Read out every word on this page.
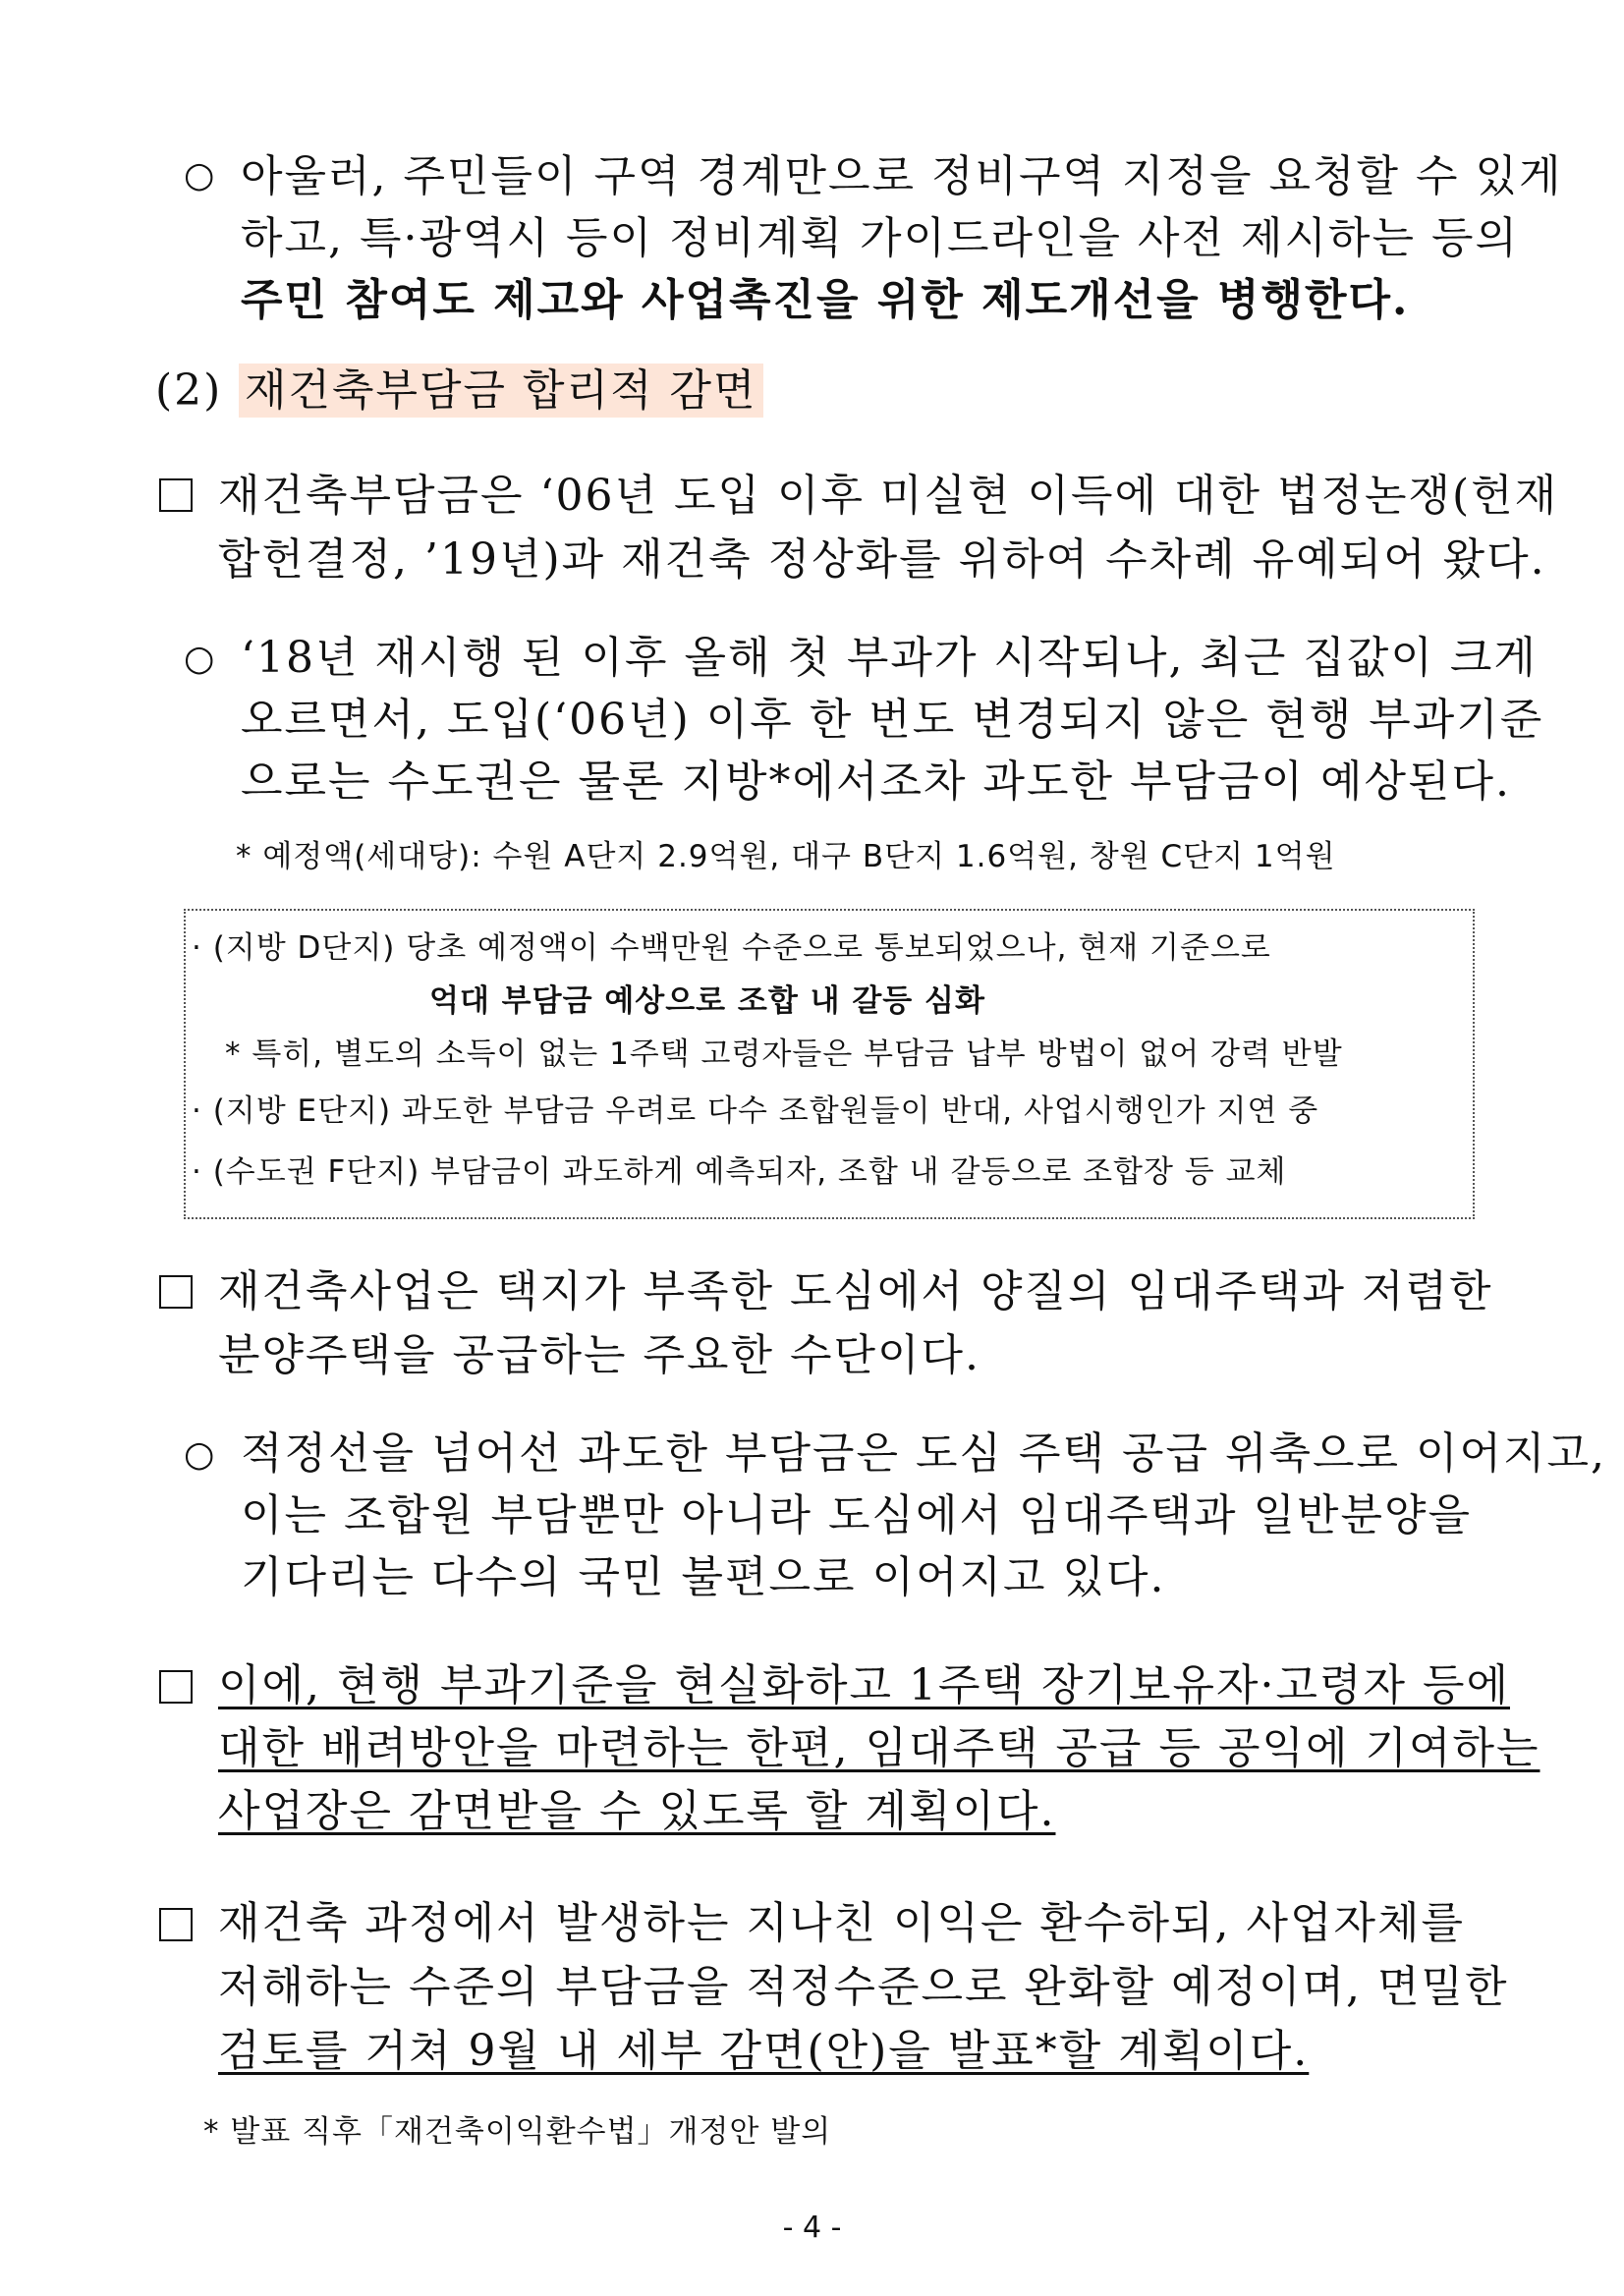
○ 아울러, 주민들이 구역 경계만으로 정비구역 지정을 요청할 수 있게
하고, 특·광역시 등이 정비계획 가이드라인을 사전 제시하는 등의
주민 참여도 제고와 사업촉진을 위한 제도개선을 병행한다.
(2) 재건축부담금 합리적 감면
재건축부담금은 ‘06년 도입 이후 미실현 이득에 대한 법정논쟁(헌재
합헌결정, ’19년)과 재건축 정상화를 위하여 수차례 유예되어 왔다.
○ ‘18년 재시행 된 이후 올해 첫 부과가 시작되나, 최근 집값이 크게
오르면서, 도입(‘06년) 이후 한 번도 변경되지 않은 현행 부과기준
으로는 수도권은 물론 지방*에서조차 과도한 부담금이 예상된다.
* 예정액(세대당): 수원 A단지 2.9억원, 대구 B단지 1.6억원, 창원 C단지 1억원
· (지방 D단지) 당초 예정액이 수백만원 수준으로 통보되었으나, 현재 기준으로
억대 부담금 예상으로 조합 내 갈등 심화
* 특히, 별도의 소득이 없는 1주택 고령자들은 부담금 납부 방법이 없어 강력 반발
· (지방 E단지) 과도한 부담금 우려로 다수 조합원들이 반대, 사업시행인가 지연 중
· (수도권 F단지) 부담금이 과도하게 예측되자, 조합 내 갈등으로 조합장 등 교체
재건축사업은 택지가 부족한 도심에서 양질의 임대주택과 저렴한
분양주택을 공급하는 주요한 수단이다.
○ 적정선을 넘어선 과도한 부담금은 도심 주택 공급 위축으로 이어지고,
이는 조합원 부담뿐만 아니라 도심에서 임대주택과 일반분양을
기다리는 다수의 국민 불편으로 이어지고 있다.
이에, 현행 부과기준을 현실화하고 1주택 장기보유자·고령자 등에
대한 배려방안을 마련하는 한편, 임대주택 공급 등 공익에 기여하는
사업장은 감면받을 수 있도록 할 계획이다.
재건축 과정에서 발생하는 지나친 이익은 환수하되, 사업자체를
저해하는 수준의 부담금을 적정수준으로 완화할 예정이며, 면밀한
검토를 거쳐 9월 내 세부 감면(안)을 발표*할 계획이다.
* 발표 직후「재건축이익환수법」개정안 발의
- 4 -
